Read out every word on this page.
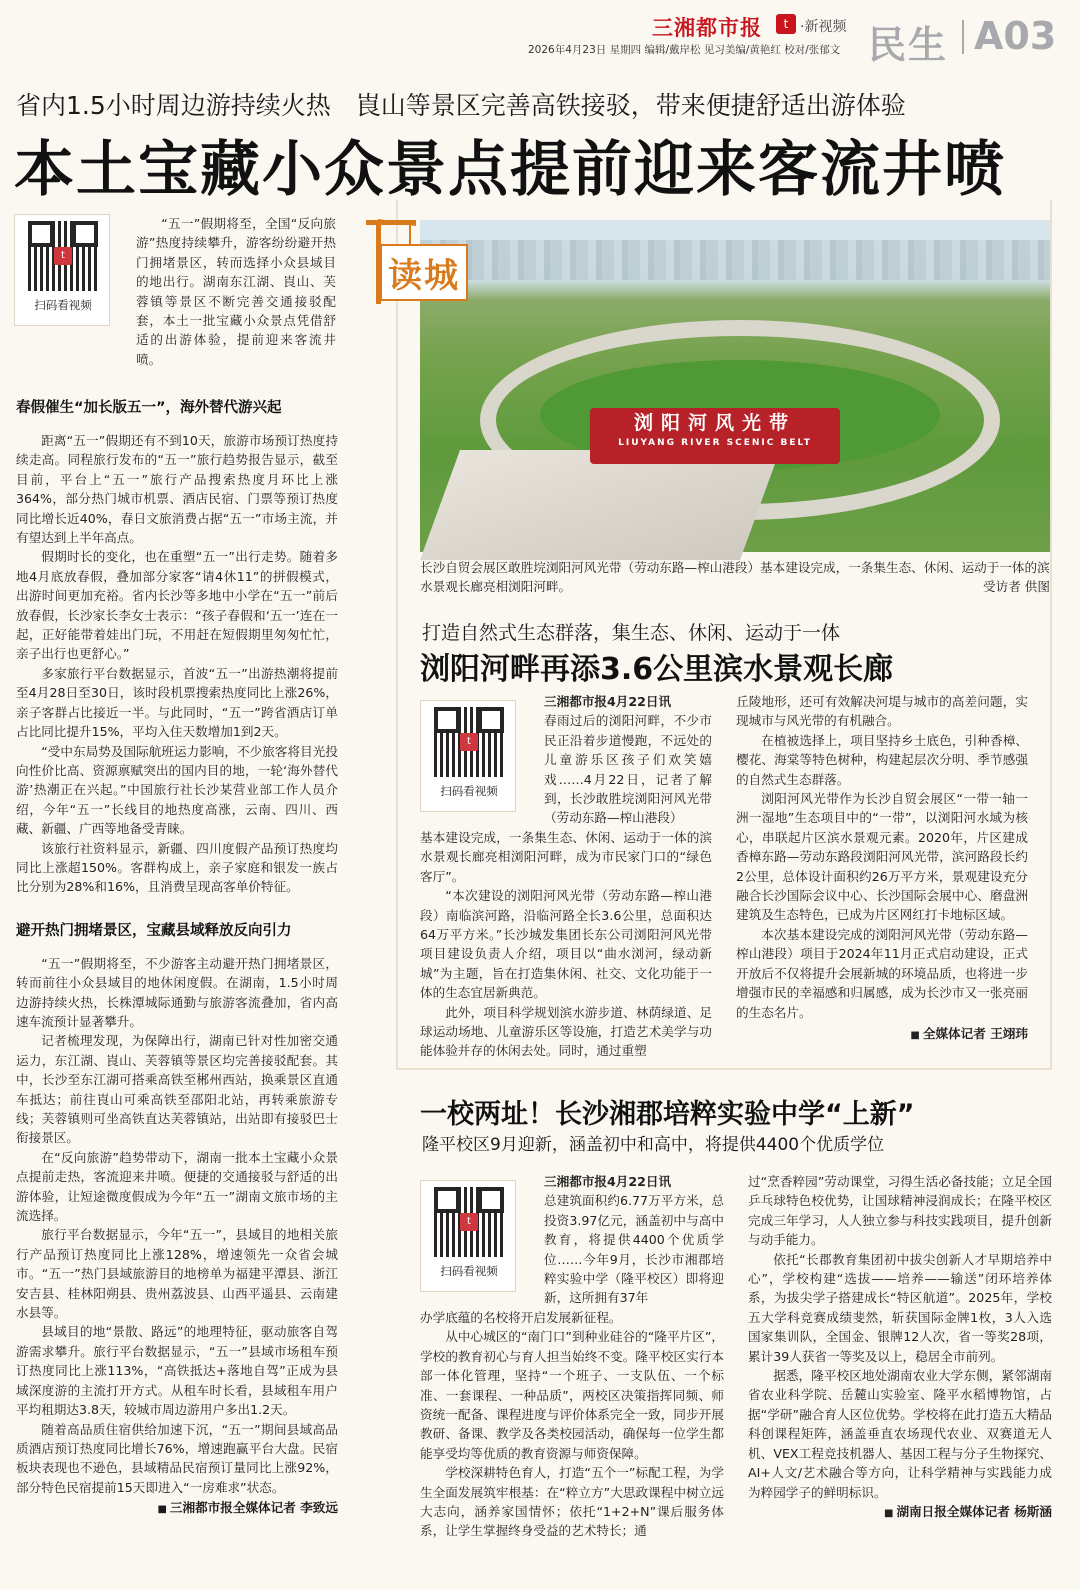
三湘都市报	t ·新视频
2026年4月23日 星期四 编辑/戴岸松 见习美编/黄艳红 校对/张郁文 民生 A03
省内1.5小时周边游持续火热　崀山等景区完善高铁接驳，带来便捷舒适出游体验
本土宝藏小众景点提前迎来客流井喷
t
扫码看视频

“五一”假期将至，全国“反向旅游”热度持续攀升，游客纷纷避开热门拥堵景区，转而选择小众县域目的地出行。湖南东江湖、崀山、芙蓉镇等景区不断完善交通接驳配套，本土一批宝藏小众景点凭借舒适的出游体验，提前迎来客流井喷。

春假催生“加长版五一”，海外替代游兴起

距离“五一”假期还有不到10天，旅游市场预订热度持续走高。同程旅行发布的“五一”旅行趋势报告显示，截至目前，平台上“五一”旅行产品搜索热度月环比上涨364%，部分热门城市机票、酒店民宿、门票等预订热度同比增长近40%，春日文旅消费占据“五一”市场主流，并有望达到上半年高点。

假期时长的变化，也在重塑“五一”出行走势。随着多地4月底放春假，叠加部分家客“请4休11”的拼假模式，出游时间更加充裕。省内长沙等多地中小学在“五一”前后放春假，长沙家长李女士表示：“孩子春假和‘五一’连在一起，正好能带着娃出门玩，不用赶在短假期里匆匆忙忙，亲子出行也更舒心。”

多家旅行平台数据显示，首波“五一”出游热潮将提前至4月28日至30日，该时段机票搜索热度同比上涨26%，亲子客群占比接近一半。与此同时，“五一”跨省酒店订单占比同比提升15%，平均入住天数增加1到2天。

“受中东局势及国际航班运力影响，不少旅客将目光投向性价比高、资源禀赋突出的国内目的地，一轮‘海外替代游’热潮正在兴起。”中国旅行社长沙某营业部工作人员介绍，今年“五一”长线目的地热度高涨，云南、四川、西藏、新疆、广西等地备受青睐。

该旅行社资料显示，新疆、四川度假产品预订热度均同比上涨超150%。客群构成上，亲子家庭和银发一族占比分别为28%和16%，且消费呈现高客单价特征。

避开热门拥堵景区，宝藏县域释放反向引力

“五一”假期将至，不少游客主动避开热门拥堵景区，转而前往小众县域目的地休闲度假。在湖南，1.5小时周边游持续火热，长株潭城际通勤与旅游客流叠加，省内高速车流预计显著攀升。

记者梳理发现，为保障出行，湖南已针对性加密交通运力，东江湖、崀山、芙蓉镇等景区均完善接驳配套。其中，长沙至东江湖可搭乘高铁至郴州西站，换乘景区直通车抵达；前往崀山可乘高铁至邵阳北站，再转乘旅游专线；芙蓉镇则可坐高铁直达芙蓉镇站，出站即有接驳巴士衔接景区。

在“反向旅游”趋势带动下，湖南一批本土宝藏小众景点提前走热，客流迎来井喷。便捷的交通接驳与舒适的出游体验，让短途微度假成为今年“五一”湖南文旅市场的主流选择。

旅行平台数据显示，今年“五一”，县域目的地相关旅行产品预订热度同比上涨128%，增速领先一众省会城市。“五一”热门县域旅游目的地榜单为福建平潭县、浙江安吉县、桂林阳朔县、贵州荔波县、山西平遥县、云南建水县等。

县域目的地“景散、路远”的地理特征，驱动旅客自驾游需求攀升。旅行平台数据显示，“五一”县域市场租车预订热度同比上涨113%，“高铁抵达+落地自驾”正成为县域深度游的主流打开方式。从租车时长看，县域租车用户平均租期达3.8天，较城市周边游用户多出1.2天。

随着高品质住宿供给加速下沉，“五一”期间县域高品质酒店预订热度同比增长76%，增速跑赢平台大盘。民宿板块表现也不逊色，县域精品民宿预订量同比上涨92%，部分特色民宿提前15天即进入“一房难求”状态。

■ 三湘都市报全媒体记者 李致远
浏阳河风光带
LIUYANG RIVER SCENIC BELT
读城
长沙自贸会展区敢胜垸浏阳河风光带（劳动东路—榨山港段）基本建设完成，一条集生态、休闲、运动于一体的滨水景观长廊亮相浏阳河畔。	受访者 供图
打造自然式生态群落，集生态、休闲、运动于一体
浏阳河畔再添3.6公里滨水景观长廊
t
扫码看视频

三湘都市报4月22日讯

春雨过后的浏阳河畔，不少市民正沿着步道慢跑，不远处的儿童游乐区孩子们欢笑嬉戏……4月22日，记者了解到，长沙敢胜垸浏阳河风光带（劳动东路—榨山港段）

基本建设完成，一条集生态、休闲、运动于一体的滨水景观长廊亮相浏阳河畔，成为市民家门口的“绿色客厅”。

“本次建设的浏阳河风光带（劳动东路—榨山港段）南临滨河路，沿临河路全长3.6公里，总面积达64万平方米。”长沙城发集团长东公司浏阳河风光带项目建设负责人介绍，项目以“曲水浏河，绿动新城”为主题，旨在打造集休闲、社交、文化功能于一体的生态宜居新典范。

此外，项目科学规划滨水游步道、林荫绿道、足球运动场地、儿童游乐区等设施，打造艺术美学与功能体验并存的休闲去处。同时，通过重塑

丘陵地形，还可有效解决河堤与城市的高差问题，实现城市与风光带的有机融合。

在植被选择上，项目坚持乡土底色，引种香樟、樱花、海棠等特色树种，构建起层次分明、季节感强的自然式生态群落。

浏阳河风光带作为长沙自贸会展区“一带一轴一洲一湿地”生态项目中的“一带”，以浏阳河水域为核心，串联起片区滨水景观元素。2020年，片区建成香樟东路—劳动东路段浏阳河风光带，滨河路段长约2公里，总体设计面积约26万平方米，景观建设充分融合长沙国际会议中心、长沙国际会展中心、磨盘洲建筑及生态特色，已成为片区网红打卡地标区域。

本次基本建设完成的浏阳河风光带（劳动东路—榨山港段）项目于2024年11月正式启动建设，正式开放后不仅将提升会展新城的环境品质，也将进一步增强市民的幸福感和归属感，成为长沙市又一张亮丽的生态名片。

■ 全媒体记者 王翊玮
一校两址！长沙湘郡培粹实验中学“上新”
隆平校区9月迎新，涵盖初中和高中，将提供4400个优质学位
t
扫码看视频

三湘都市报4月22日讯

总建筑面积约6.77万平方米，总投资3.97亿元，涵盖初中与高中教育，将提供4400个优质学位……今年9月，长沙市湘郡培粹实验中学（隆平校区）即将迎新，这所拥有37年

办学底蕴的名校将开启发展新征程。

从中心城区的“南门口”到种业硅谷的“隆平片区”，学校的教育初心与育人担当始终不变。隆平校区实行本部一体化管理，坚持“一个班子、一支队伍、一个标准、一套课程、一种品质”，两校区决策指挥同频、师资统一配备、课程进度与评价体系完全一致，同步开展教研、备课、教学及各类校园活动，确保每一位学生都能享受均等优质的教育资源与师资保障。

学校深耕特色育人，打造“五个一”标配工程，为学生全面发展筑牢根基：在“粹立方”大思政课程中树立远大志向，涵养家国情怀；依托“1+2+N”课后服务体系，让学生掌握终身受益的艺术特长；通

过“烹香粹园”劳动课堂，习得生活必备技能；立足全国乒乓球特色校优势，让国球精神浸润成长；在隆平校区完成三年学习，人人独立参与科技实践项目，提升创新与动手能力。

依托“长郡教育集团初中拔尖创新人才早期培养中心”，学校构建“选拔——培养——输送”闭环培养体系，为拔尖学子搭建成长“特区航道”。2025年，学校五大学科竞赛成绩斐然，斩获国际金牌1枚，3人入选国家集训队，全国金、银牌12人次，省一等奖28项，累计39人获省一等奖及以上，稳居全市前列。

据悉，隆平校区地处湖南农业大学东侧，紧邻湖南省农业科学院、岳麓山实验室、隆平水稻博物馆，占据“学研”融合育人区位优势。学校将在此打造五大精品科创课程矩阵，涵盖垂直农场现代农业、双赛道无人机、VEX工程竞技机器人、基因工程与分子生物探究、AI+人文/艺术融合等方向，让科学精神与实践能力成为粹园学子的鲜明标识。

■ 湖南日报全媒体记者 杨斯涵
